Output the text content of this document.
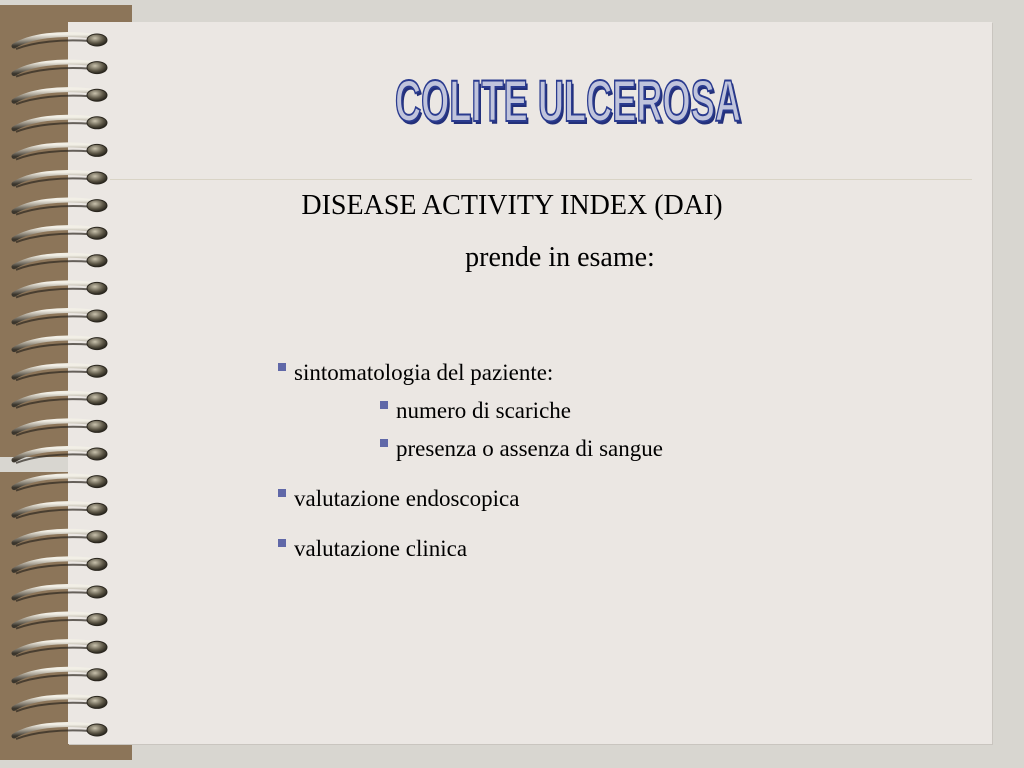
COLITE ULCEROSA
COLITE ULCEROSA
DISEASE ACTIVITY INDEX (DAI)
prende in esame:
sintomatologia del paziente:
numero di scariche
presenza o assenza di sangue
valutazione endoscopica
valutazione clinica
